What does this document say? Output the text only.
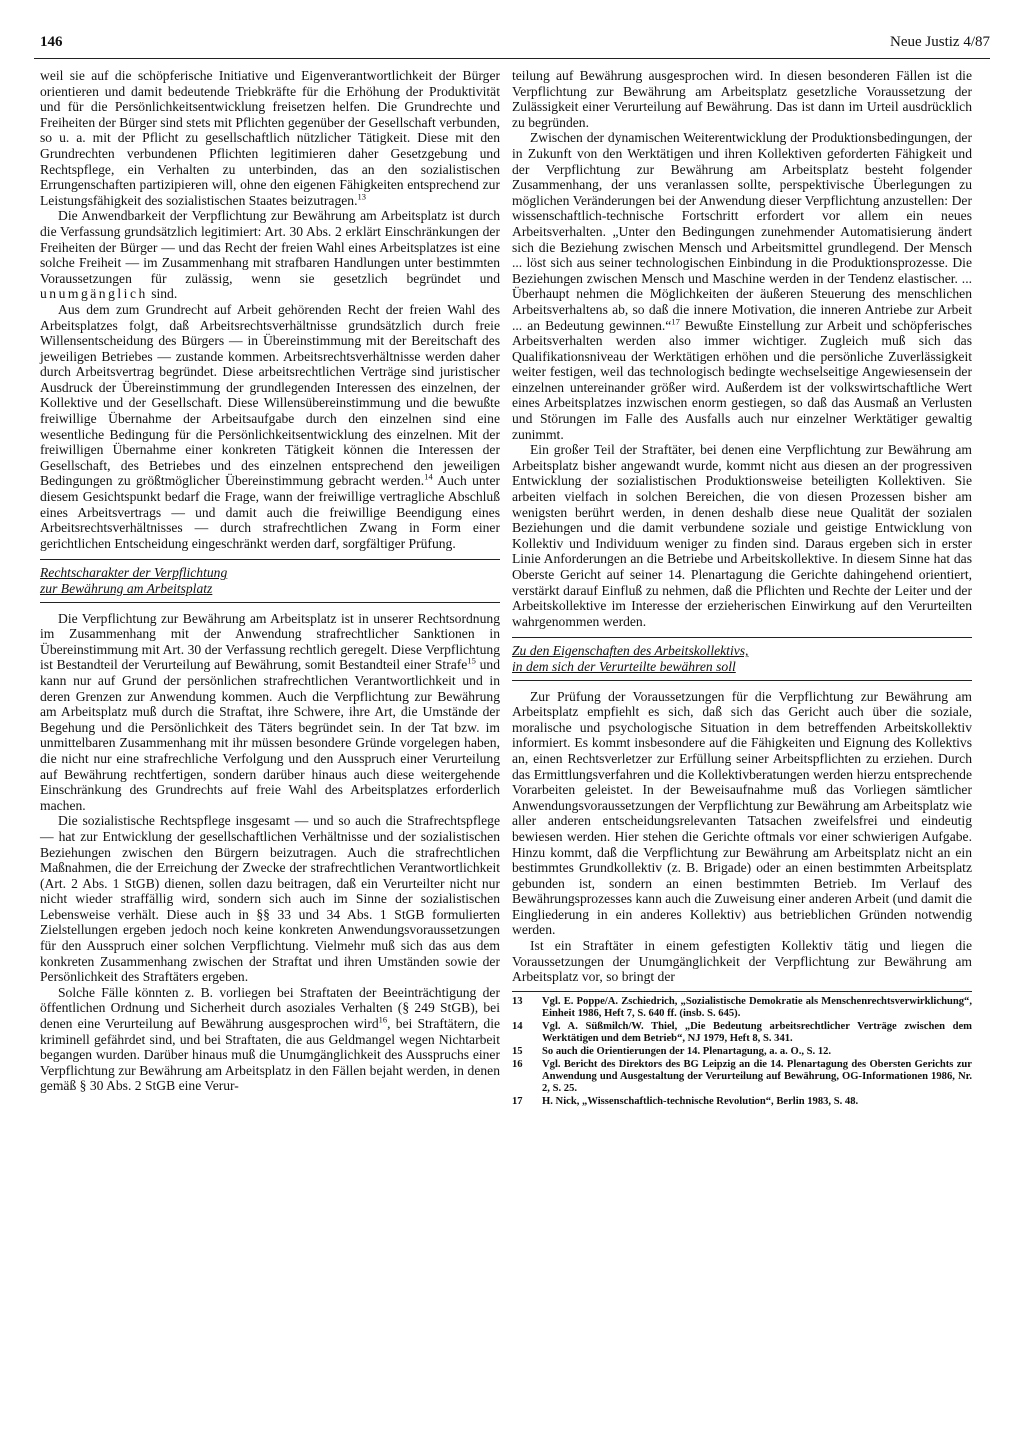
146	Neue Justiz 4/87

weil sie auf die schöpferische Initiative und Eigenverantwortlichkeit der Bürger orientieren und damit bedeutende Triebkräfte für die Erhöhung der Produktivität und für die Persönlichkeitsentwicklung freisetzen helfen. Die Grundrechte und Freiheiten der Bürger sind stets mit Pflichten gegenüber der Gesellschaft verbunden, so u. a. mit der Pflicht zu gesellschaftlich nützlicher Tätigkeit. Diese mit den Grundrechten verbundenen Pflichten legitimieren daher Gesetzgebung und Rechtspflege, ein Verhalten zu unterbinden, das an den sozialistischen Errungenschaften partizipieren will, ohne den eigenen Fähigkeiten entsprechend zur Leistungsfähigkeit des sozialistischen Staates beizutragen.$^{13}$

Die Anwendbarkeit der Verpflichtung zur Bewährung am Arbeitsplatz ist durch die Verfassung grundsätzlich legitimiert: Art. 30 Abs. 2 erklärt Einschränkungen der Freiheiten der Bürger — und das Recht der freien Wahl eines Arbeitsplatzes ist eine solche Freiheit — im Zusammenhang mit strafbaren Handlungen unter bestimmten Voraussetzungen für zulässig, wenn sie gesetzlich begründet und unumgänglich sind.

Aus dem zum Grundrecht auf Arbeit gehörenden Recht der freien Wahl des Arbeitsplatzes folgt, daß Arbeitsrechtsverhältnisse grundsätzlich durch freie Willensentscheidung des Bürgers — in Übereinstimmung mit der Bereitschaft des jeweiligen Betriebes — zustande kommen. Arbeitsrechtsverhältnisse werden daher durch Arbeitsvertrag begründet. Diese arbeitsrechtlichen Verträge sind juristischer Ausdruck der Übereinstimmung der grundlegenden Interessen des einzelnen, der Kollektive und der Gesellschaft. Diese Willensübereinstimmung und die bewußte freiwillige Übernahme der Arbeitsaufgabe durch den einzelnen sind eine wesentliche Bedingung für die Persönlichkeitsentwicklung des einzelnen. Mit der freiwilligen Übernahme einer konkreten Tätigkeit können die Interessen der Gesellschaft, des Betriebes und des einzelnen entsprechend den jeweiligen Bedingungen zu größtmöglicher Übereinstimmung gebracht werden.$^{14}$ Auch unter diesem Gesichtspunkt bedarf die Frage, wann der freiwillige vertragliche Abschluß eines Arbeitsvertrags — und damit auch die freiwillige Beendigung eines Arbeitsrechtsverhältnisses — durch strafrechtlichen Zwang in Form einer gerichtlichen Entscheidung eingeschränkt werden darf, sorgfältiger Prüfung.

Rechtscharakter der Verpflichtung
zur Bewährung am Arbeitsplatz

Die Verpflichtung zur Bewährung am Arbeitsplatz ist in unserer Rechtsordnung im Zusammenhang mit der Anwendung strafrechtlicher Sanktionen in Übereinstimmung mit Art. 30 der Verfassung rechtlich geregelt. Diese Verpflichtung ist Bestandteil der Verurteilung auf Bewährung, somit Bestandteil einer Strafe$^{15}$ und kann nur auf Grund der persönlichen strafrechtlichen Verantwortlichkeit und in deren Grenzen zur Anwendung kommen. Auch die Verpflichtung zur Bewährung am Arbeitsplatz muß durch die Straftat, ihre Schwere, ihre Art, die Umstände der Begehung und die Persönlichkeit des Täters begründet sein. In der Tat bzw. im unmittelbaren Zusammenhang mit ihr müssen besondere Gründe vorgelegen haben, die nicht nur eine strafrechliche Verfolgung und den Ausspruch einer Verurteilung auf Bewährung rechtfertigen, sondern darüber hinaus auch diese weitergehende Einschränkung des Grundrechts auf freie Wahl des Arbeitsplatzes erforderlich machen.

Die sozialistische Rechtspflege insgesamt — und so auch die Strafrechtspflege — hat zur Entwicklung der gesellschaftlichen Verhältnisse und der sozialistischen Beziehungen zwischen den Bürgern beizutragen. Auch die strafrechtlichen Maßnahmen, die der Erreichung der Zwecke der strafrechtlichen Verantwortlichkeit (Art. 2 Abs. 1 StGB) dienen, sollen dazu beitragen, daß ein Verurteilter nicht nur nicht wieder straffällig wird, sondern sich auch im Sinne der sozialistischen Lebensweise verhält. Diese auch in §§ 33 und 34 Abs. 1 StGB formulierten Zielstellungen ergeben jedoch noch keine konkreten Anwendungsvoraussetzungen für den Ausspruch einer solchen Verpflichtung. Vielmehr muß sich das aus dem konkreten Zusammenhang zwischen der Straftat und ihren Umständen sowie der Persönlichkeit des Straftäters ergeben.

Solche Fälle könnten z. B. vorliegen bei Straftaten der Beeinträchtigung der öffentlichen Ordnung und Sicherheit durch asoziales Verhalten (§ 249 StGB), bei denen eine Verurteilung auf Bewährung ausgesprochen wird$^{16}$, bei Straftätern, die kriminell gefährdet sind, und bei Straftaten, die aus Geldmangel wegen Nichtarbeit begangen wurden. Darüber hinaus muß die Unumgänglichkeit des Ausspruchs einer Verpflichtung zur Bewährung am Arbeitsplatz in den Fällen bejaht werden, in denen gemäß § 30 Abs. 2 StGB eine Verur-

teilung auf Bewährung ausgesprochen wird. In diesen besonderen Fällen ist die Verpflichtung zur Bewährung am Arbeitsplatz gesetzliche Voraussetzung der Zulässigkeit einer Verurteilung auf Bewährung. Das ist dann im Urteil ausdrücklich zu begründen.

Zwischen der dynamischen Weiterentwicklung der Produktionsbedingungen, der in Zukunft von den Werktätigen und ihren Kollektiven geforderten Fähigkeit und der Verpflichtung zur Bewährung am Arbeitsplatz besteht folgender Zusammenhang, der uns veranlassen sollte, perspektivische Überlegungen zu möglichen Veränderungen bei der Anwendung dieser Verpflichtung anzustellen: Der wissenschaftlich-technische Fortschritt erfordert vor allem ein neues Arbeitsverhalten. „Unter den Bedingungen zunehmender Automatisierung ändert sich die Beziehung zwischen Mensch und Arbeitsmittel grundlegend. Der Mensch ... löst sich aus seiner technologischen Einbindung in die Produktionsprozesse. Die Beziehungen zwischen Mensch und Maschine werden in der Tendenz elastischer. ... Überhaupt nehmen die Möglichkeiten der äußeren Steuerung des menschlichen Arbeitsverhaltens ab, so daß die innere Motivation, die inneren Antriebe zur Arbeit ... an Bedeutung gewinnen.“$^{17}$ Bewußte Einstellung zur Arbeit und schöpferisches Arbeitsverhalten werden also immer wichtiger. Zugleich muß sich das Qualifikationsniveau der Werktätigen erhöhen und die persönliche Zuverlässigkeit weiter festigen, weil das technologisch bedingte wechselseitige Angewiesensein der einzelnen untereinander größer wird. Außerdem ist der volkswirtschaftliche Wert eines Arbeitsplatzes inzwischen enorm gestiegen, so daß das Ausmaß an Verlusten und Störungen im Falle des Ausfalls auch nur einzelner Werktätiger gewaltig zunimmt.

Ein großer Teil der Straftäter, bei denen eine Verpflichtung zur Bewährung am Arbeitsplatz bisher angewandt wurde, kommt nicht aus diesen an der progressiven Entwicklung der sozialistischen Produktionsweise beteiligten Kollektiven. Sie arbeiten vielfach in solchen Bereichen, die von diesen Prozessen bisher am wenigsten berührt werden, in denen deshalb diese neue Qualität der sozialen Beziehungen und die damit verbundene soziale und geistige Entwicklung von Kollektiv und Individuum weniger zu finden sind. Daraus ergeben sich in erster Linie Anforderungen an die Betriebe und Arbeitskollektive. In diesem Sinne hat das Oberste Gericht auf seiner 14. Plenartagung die Gerichte dahingehend orientiert, verstärkt darauf Einfluß zu nehmen, daß die Pflichten und Rechte der Leiter und der Arbeitskollektive im Interesse der erzieherischen Einwirkung auf den Verurteilten wahrgenommen werden.

Zu den Eigenschaften des Arbeitskollektivs,
in dem sich der Verurteilte bewähren soll

Zur Prüfung der Voraussetzungen für die Verpflichtung zur Bewährung am Arbeitsplatz empfiehlt es sich, daß sich das Gericht auch über die soziale, moralische und psychologische Situation in dem betreffenden Arbeitskollektiv informiert. Es kommt insbesondere auf die Fähigkeiten und Eignung des Kollektivs an, einen Rechtsverletzer zur Erfüllung seiner Arbeitspflichten zu erziehen. Durch das Ermittlungsverfahren und die Kollektivberatungen werden hierzu entsprechende Vorarbeiten geleistet. In der Beweisaufnahme muß das Vorliegen sämtlicher Anwendungsvoraussetzungen der Verpflichtung zur Bewährung am Arbeitsplatz wie aller anderen entscheidungsrelevanten Tatsachen zweifelsfrei und eindeutig bewiesen werden. Hier stehen die Gerichte oftmals vor einer schwierigen Aufgabe. Hinzu kommt, daß die Verpflichtung zur Bewährung am Arbeitsplatz nicht an ein bestimmtes Grundkollektiv (z. B. Brigade) oder an einen bestimmten Arbeitsplatz gebunden ist, sondern an einen bestimmten Betrieb. Im Verlauf des Bewährungsprozesses kann auch die Zuweisung einer anderen Arbeit (und damit die Eingliederung in ein anderes Kollektiv) aus betrieblichen Gründen notwendig werden.

Ist ein Straftäter in einem gefestigten Kollektiv tätig und liegen die Voraussetzungen der Unumgänglichkeit der Verpflichtung zur Bewährung am Arbeitsplatz vor, so bringt der

13	Vgl. E. Poppe/A. Zschiedrich, „Sozialistische Demokratie als Menschenrechtsverwirklichung“, Einheit 1986, Heft 7, S. 640 ff. (insb. S. 645).
14	Vgl. A. Süßmilch/W. Thiel, „Die Bedeutung arbeitsrechtlicher Verträge zwischen dem Werktätigen und dem Betrieb“, NJ 1979, Heft 8, S. 341.
15	So auch die Orientierungen der 14. Plenartagung, a. a. O., S. 12.
16	Vgl. Bericht des Direktors des BG Leipzig an die 14. Plenartagung des Obersten Gerichts zur Anwendung und Ausgestaltung der Verurteilung auf Bewährung, OG-Informationen 1986, Nr. 2, S. 25.
17	H. Nick, „Wissenschaftlich-technische Revolution“, Berlin 1983, S. 48.
